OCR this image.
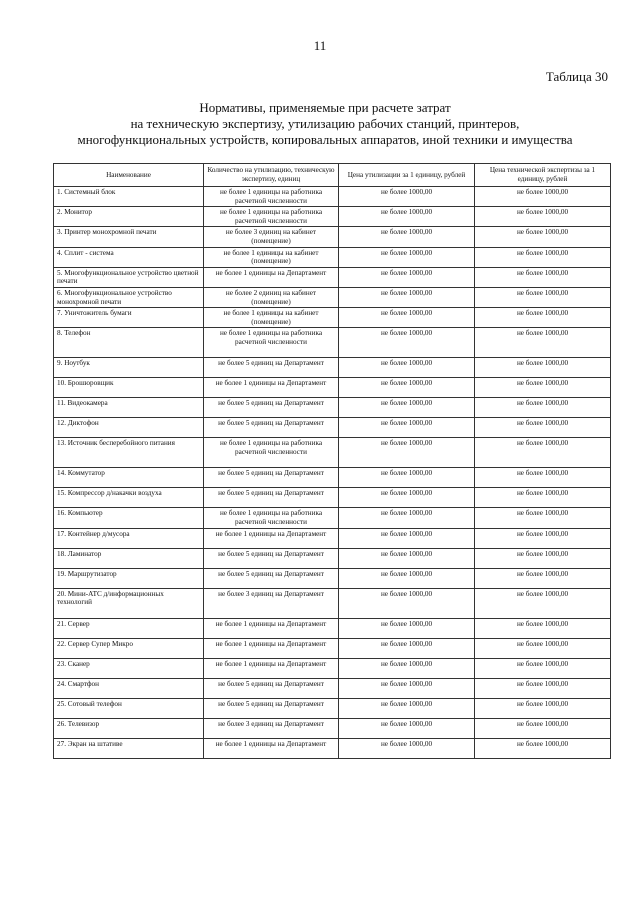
11
Таблица 30
Нормативы, применяемые при расчете затрат
на техническую экспертизу, утилизацию рабочих станций, принтеров,
многофункциональных устройств, копировальных аппаратов, иной техники и имущества
Наименование	Количество на утилизацию, техническую экспертизу, единиц	Цена утилизации за 1 единицу, рублей	Цена технической экспертизы за 1 единицу, рублей
1. Системный блок	не более 1 единицы на работника расчетной численности	не более 1000,00	не более 1000,00
2. Монитор	не более 1 единицы на работника расчетной численности	не более 1000,00	не более 1000,00
3. Принтер монохромной печати	не более 3 единиц на кабинет (помещение)	не более 1000,00	не более 1000,00
4. Сплит - система	не более 1 единицы на кабинет (помещение)	не более 1000,00	не более 1000,00
5. Многофункциональное устройство цветной печати	не более 1 единицы на Департамент	не более 1000,00	не более 1000,00
6. Многофункциональное устройство монохромной печати	не более 2 единиц на кабинет (помещение)	не более 1000,00	не более 1000,00
7. Уничтожитель бумаги	не более 1 единицы на кабинет (помещение)	не более 1000,00	не более 1000,00
8. Телефон	не более 1 единицы на работника расчетной численности	не более 1000,00	не более 1000,00
9. Ноутбук	не более 5 единиц на Департамент	не более 1000,00	не более 1000,00
10. Брошюровщик	не более 1 единицы на Департамент	не более 1000,00	не более 1000,00
11. Видеокамера	не более 5 единиц на Департамент	не более 1000,00	не более 1000,00
12. Диктофон	не более 5 единиц на Департамент	не более 1000,00	не более 1000,00
13. Источник бесперебойного питания	не более 1 единицы на работника расчетной численности	не более 1000,00	не более 1000,00
14. Коммутатор	не более 5 единиц на Департамент	не более 1000,00	не более 1000,00
15. Компрессор д/накачки воздуха	не более 5 единиц на Департамент	не более 1000,00	не более 1000,00
16. Компьютер	не более 1 единицы на работника расчетной численности	не более 1000,00	не более 1000,00
17. Контейнер д/мусора	не более 1 единицы на Департамент	не более 1000,00	не более 1000,00
18. Ламинатор	не более 5 единиц на Департамент	не более 1000,00	не более 1000,00
19. Маршрутизатор	не более 5 единиц на Департамент	не более 1000,00	не более 1000,00
20. Мини-АТС д/информационных технологий	не более 3 единиц на Департамент	не более 1000,00	не более 1000,00
21. Сервер	не более 1 единицы на Департамент	не более 1000,00	не более 1000,00
22. Сервер Супер Микро	не более 1 единицы на Департамент	не более 1000,00	не более 1000,00
23. Сканер	не более 1 единицы на Департамент	не более 1000,00	не более 1000,00
24. Смартфон	не более 5 единиц на Департамент	не более 1000,00	не более 1000,00
25. Сотовый телефон	не более 5 единиц на Департамент	не более 1000,00	не более 1000,00
26. Телевизор	не более 3 единиц на Департамент	не более 1000,00	не более 1000,00
27. Экран на штативе	не более 1 единицы на Департамент	не более 1000,00	не более 1000,00
